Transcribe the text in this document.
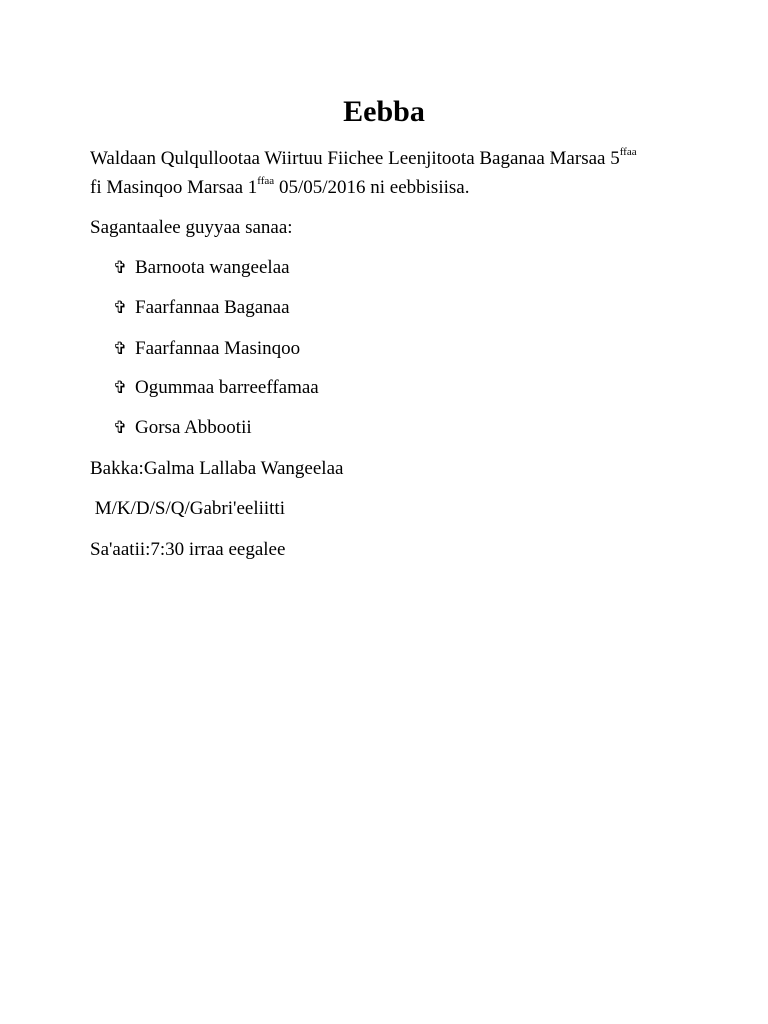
Eebba
Waldaan Qulqullootaa Wiirtuu Fiichee Leenjitoota Baganaa Marsaa $5^{ffaa}$
fi Masinqoo Marsaa $1^{ffaa}$ 05/05/2016 ni eebbisiisa.
Sagantaalee guyyaa sanaa:
✞ Barnoota wangeelaa
✞ Faarfannaa Baganaa
✞ Faarfannaa Masinqoo
✞ Ogummaa barreeffamaa
✞ Gorsa Abbootii
Bakka:Galma Lallaba Wangeelaa
M/K/D/S/Q/Gabri'eeliitti
Sa'aatii:7:30 irraa eegalee
